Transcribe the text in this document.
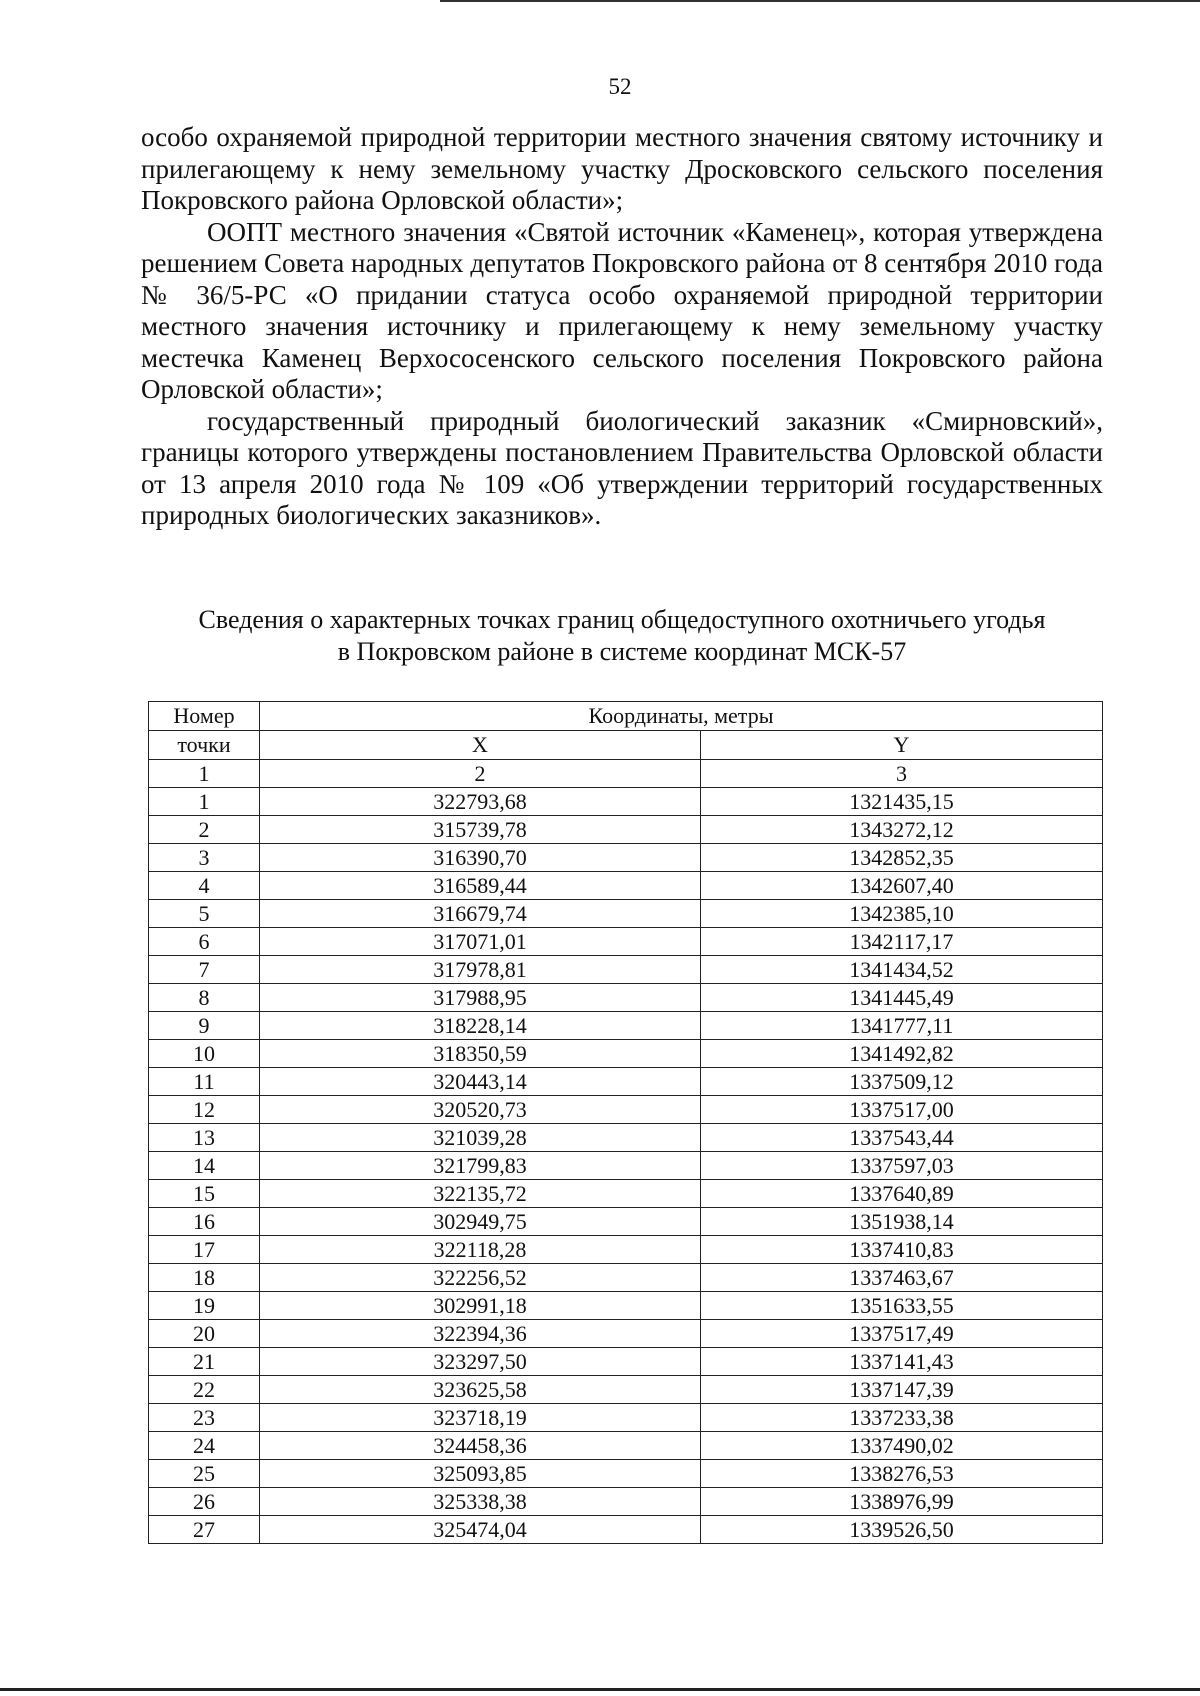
52

особо охраняемой природной территории местного значения святому источнику и прилегающему к нему земельному участку Дросковского сельского поселения Покровского района Орловской области»;

ООПТ местного значения «Святой источник «Каменец», которая утверждена решением Совета народных депутатов Покровского района от 8 сентября 2010 года № 36/5-РС «О придании статуса особо охраняемой природной территории местного значения источнику и прилегающему к нему земельному участку местечка Каменец Верхососенского сельского поселения Покровского района Орловской области»;

государственный природный биологический заказник «Смирновский», границы которого утверждены постановлением Правительства Орловской области от 13 апреля 2010 года № 109 «Об утверждении территорий государственных природных биологических заказников».

Сведения о характерных точках границ общедоступного охотничьего угодья
в Покровском районе в системе координат МСК-57
Номер	Координаты, метры	
точки	X	Y
1	2	3
1	322793,68	1321435,15
2	315739,78	1343272,12
3	316390,70	1342852,35
4	316589,44	1342607,40
5	316679,74	1342385,10
6	317071,01	1342117,17
7	317978,81	1341434,52
8	317988,95	1341445,49
9	318228,14	1341777,11
10	318350,59	1341492,82
11	320443,14	1337509,12
12	320520,73	1337517,00
13	321039,28	1337543,44
14	321799,83	1337597,03
15	322135,72	1337640,89
16	302949,75	1351938,14
17	322118,28	1337410,83
18	322256,52	1337463,67
19	302991,18	1351633,55
20	322394,36	1337517,49
21	323297,50	1337141,43
22	323625,58	1337147,39
23	323718,19	1337233,38
24	324458,36	1337490,02
25	325093,85	1338276,53
26	325338,38	1338976,99
27	325474,04	1339526,50
